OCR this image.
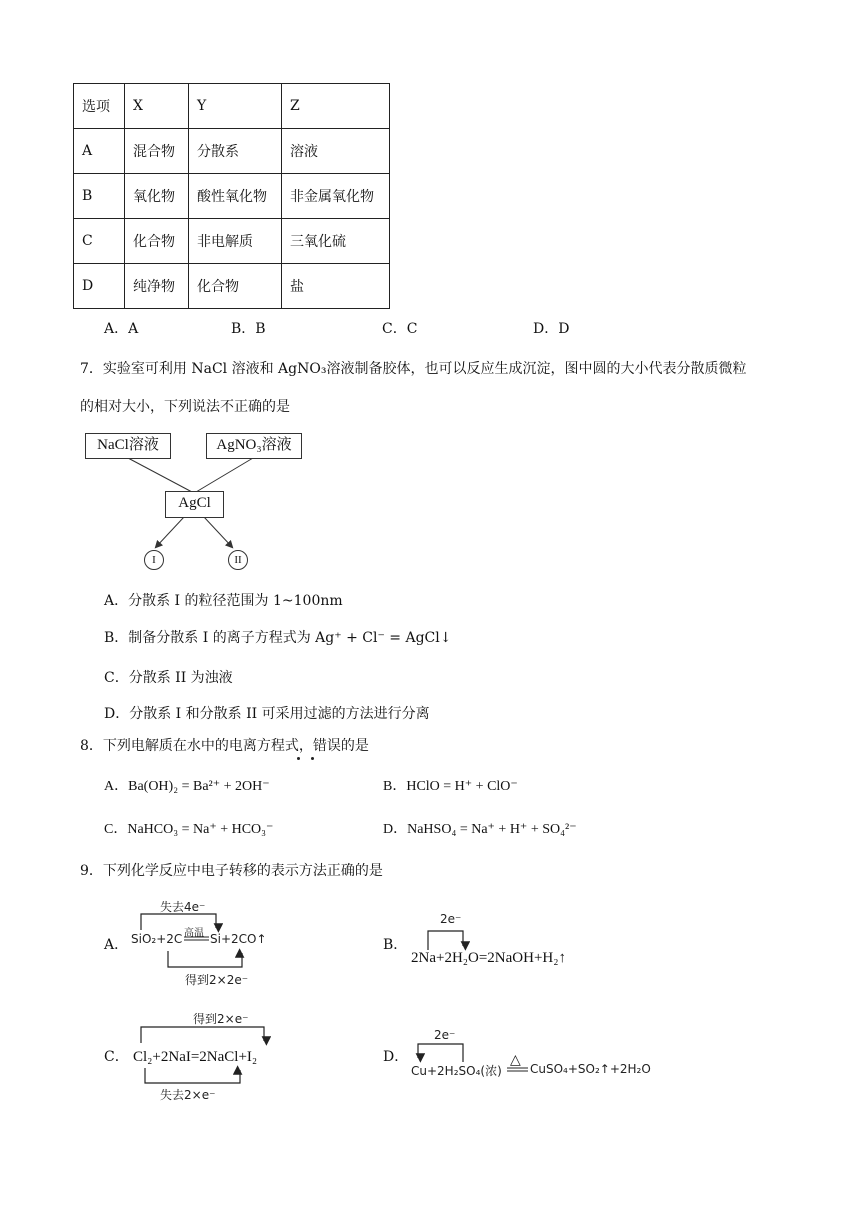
选项	X	Y	Z
A	混合物	分散系	溶液
B	氧化物	酸性氧化物	非金属氧化物
C	化合物	非电解质	三氧化硫
D	纯净物	化合物	盐
A．A	B．B	C．C	D．D
7．实验室可利用 NaCl 溶液和 AgNO₃溶液制备胶体，也可以反应生成沉淀，图中圆的大小代表分散质微粒
的相对大小，下列说法不正确的是
NaCl溶液	AgNO₃溶液
AgCl
I	II
A．分散系 I 的粒径范围为 1~100nm
B．制备分散系 I 的离子方程式为 Ag⁺ + Cl⁻ = AgCl↓
C．分散系 II 为浊液
D．分散系 I 和分散系 II 可采用过滤的方法进行分离
8．下列电解质在水中的电离方程式，错误的是
A．Ba(OH)₂ = Ba²⁺ + 2OH⁻	B．HClO = H⁺ + ClO⁻
C．NaHCO₃ = Na⁺ + HCO₃⁻	D．NaHSO₄ = Na⁺ + H⁺ + SO₄²⁻
9．下列化学反应中电子转移的表示方法正确的是
A．
失去4e⁻
SiO₂+2C 高温 Si+2CO↑
得到2×2e⁻
B．
2e⁻
2Na+2H₂O=2NaOH+H₂↑
C．
得到2×e⁻
Cl₂+2NaI=2NaCl+I₂
失去2×e⁻
D．
2e⁻
Cu+2H₂SO₄(浓)
△
CuSO₄+SO₂↑+2H₂O
